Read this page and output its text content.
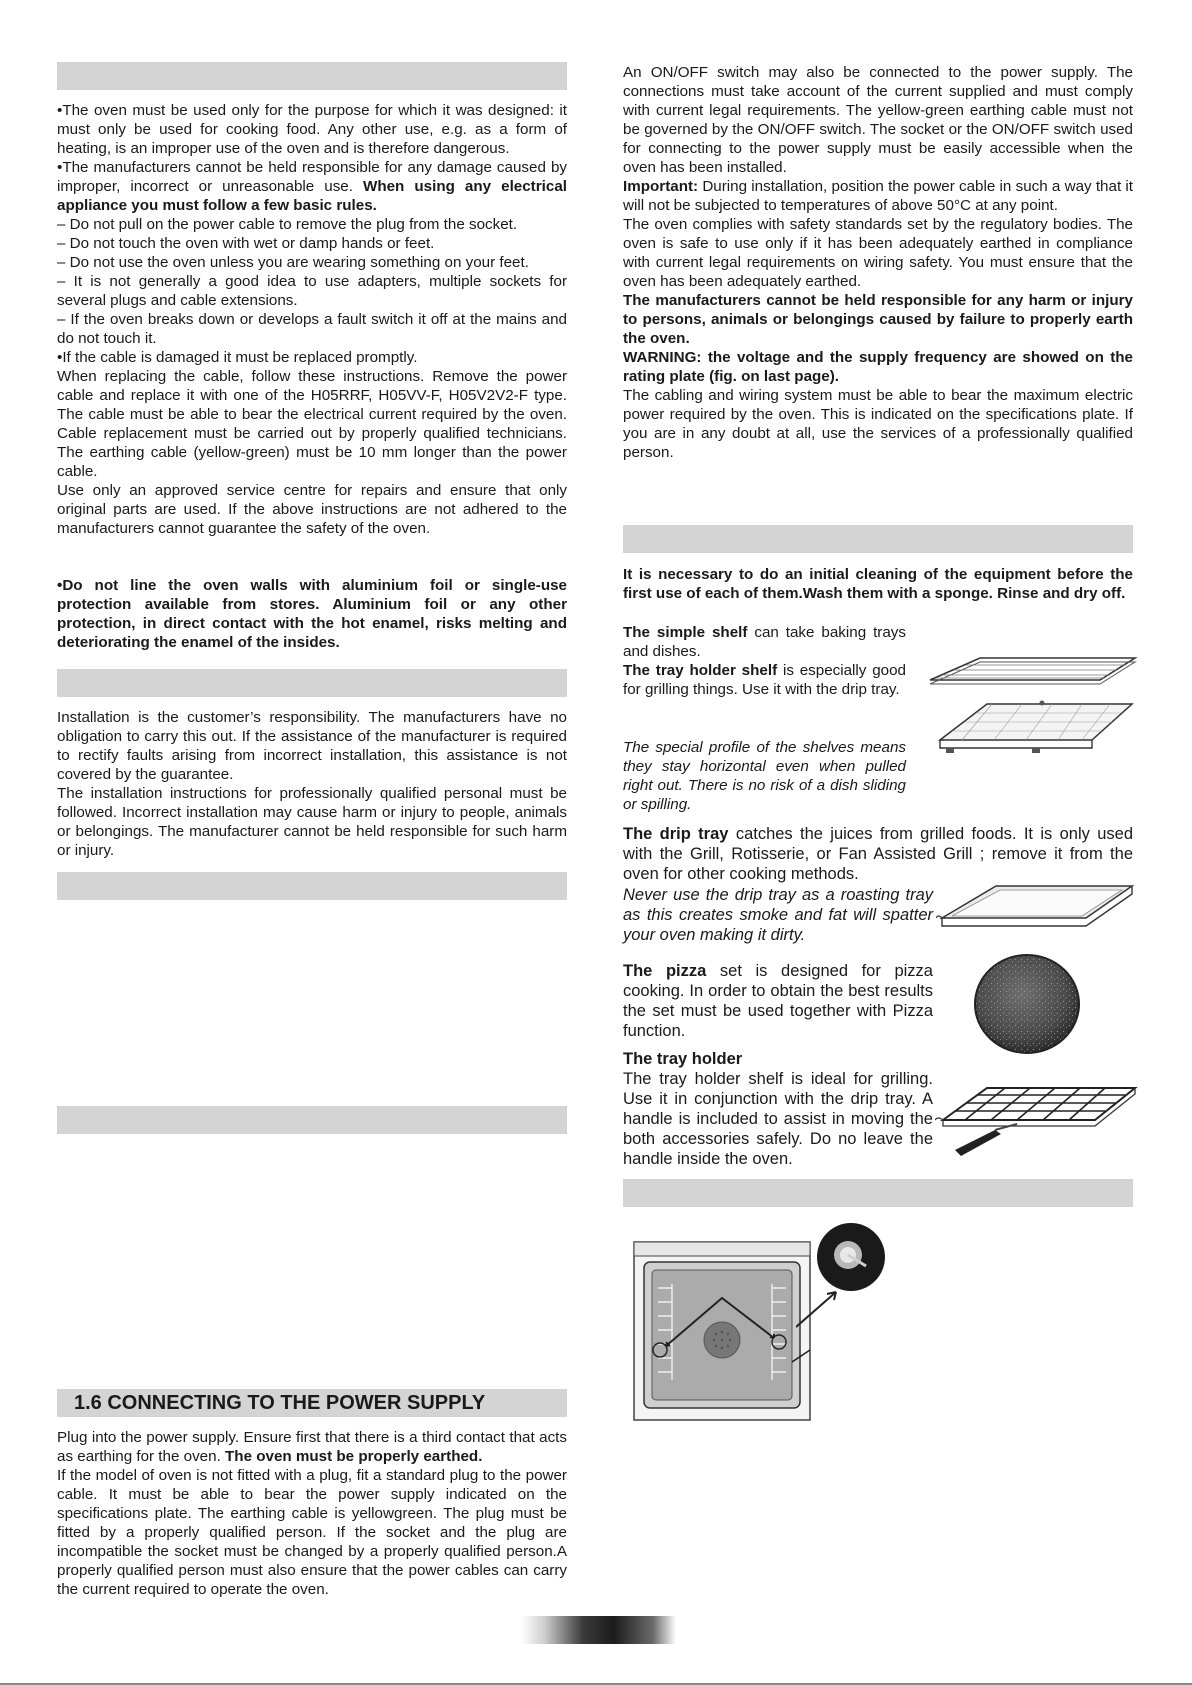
•The oven must be used only for the purpose for which it was designed: it must only be used for cooking food. Any other use, e.g. as a form of heating, is an improper use of the oven and is therefore dangerous.

•The manufacturers cannot be held responsible for any damage caused by improper, incorrect or unreasonable use. When using any electrical appliance you must follow a few basic rules.

– Do not pull on the power cable to remove the plug from the socket.

– Do not touch the oven with wet or damp hands or feet.

– Do not use the oven unless you are wearing something on your feet.

– It is not generally a good idea to use adapters, multiple sockets for several plugs and cable extensions.

– If the oven breaks down or develops a fault switch it off at the mains and do not touch it.

•If the cable is damaged it must be replaced promptly.

When replacing the cable, follow these instructions. Remove the power cable and replace it with one of the H05RRF, H05VV-F, H05V2V2-F type. The cable must be able to bear the electrical current required by the oven. Cable replacement must be carried out by properly qualified technicians. The earthing cable (yellow-green) must be 10 mm longer than the power cable.

Use only an approved service centre for repairs and ensure that only original parts are used. If the above instructions are not adhered to the manufacturers cannot guarantee the safety of the oven.

•Do not line the oven walls with aluminium foil or single-use protection available from stores. Aluminium foil or any other protection, in direct contact with the hot enamel, risks melting and deteriorating the enamel of the insides.

Installation is the customer’s responsibility. The manufacturers have no obligation to carry this out. If the assistance of the manufacturer is required to rectify faults arising from incorrect installation, this assistance is not covered by the guarantee.

The installation instructions for professionally qualified personal must be followed. Incorrect installation may cause harm or injury to people, animals or belongings. The manufacturer cannot be held responsible for such harm or injury.

1.6 CONNECTING TO THE POWER SUPPLY

Plug into the power supply. Ensure first that there is a third contact that acts as earthing for the oven. The oven must be properly earthed.

If the model of oven is not fitted with a plug, fit a standard plug to the power cable. It must be able to bear the power supply indicated on the specifications plate. The earthing cable is yellowgreen. The plug must be fitted by a properly qualified person. If the socket and the plug are incompatible the socket must be changed by a properly qualified person.A properly qualified person must also ensure that the power cables can carry the current required to operate the oven.

An ON/OFF switch may also be connected to the power supply. The connections must take account of the current supplied and must comply with current legal requirements. The yellow-green earthing cable must not be governed by the ON/OFF switch. The socket or the ON/OFF switch used for connecting to the power supply must be easily accessible when the oven has been installed.

Important: During installation, position the power cable in such a way that it will not be subjected to temperatures of above 50°C at any point.

The oven complies with safety standards set by the regulatory bodies. The oven is safe to use only if it has been adequately earthed in compliance with current legal requirements on wiring safety. You must ensure that the oven has been adequately earthed.

The manufacturers cannot be held responsible for any harm or injury to persons, animals or belongings caused by failure to properly earth the oven.

WARNING: the voltage and the supply frequency are showed on the rating plate (fig. on last page).

The cabling and wiring system must be able to bear the maximum electric power required by the oven. This is indicated on the specifications plate. If you are in any doubt at all, use the services of a professionally qualified person.

It is necessary to do an initial cleaning of the equipment before the first use of each of them.Wash them with a sponge. Rinse and dry off.

The simple shelf can take baking trays and dishes.

The tray holder shelf is especially good for grilling things. Use it with the drip tray.

The special profile of the shelves means they stay horizontal even when pulled right out. There is no risk of a dish sliding or spilling.
The drip tray catches the juices from grilled foods. It is only used with the Grill, Rotisserie, or Fan Assisted Grill ; remove it from the oven for other cooking methods.
Never use the drip tray as a roasting tray as this creates smoke and fat will spatter your oven making it dirty.
The pizza set is designed for pizza cooking. In order to obtain the best results the set must be used together with Pizza function.

The tray holder

The tray holder shelf is ideal for grilling. Use it in conjunction with the drip tray. A handle is included to assist in moving the both accessories safely. Do no leave the handle inside the oven.
